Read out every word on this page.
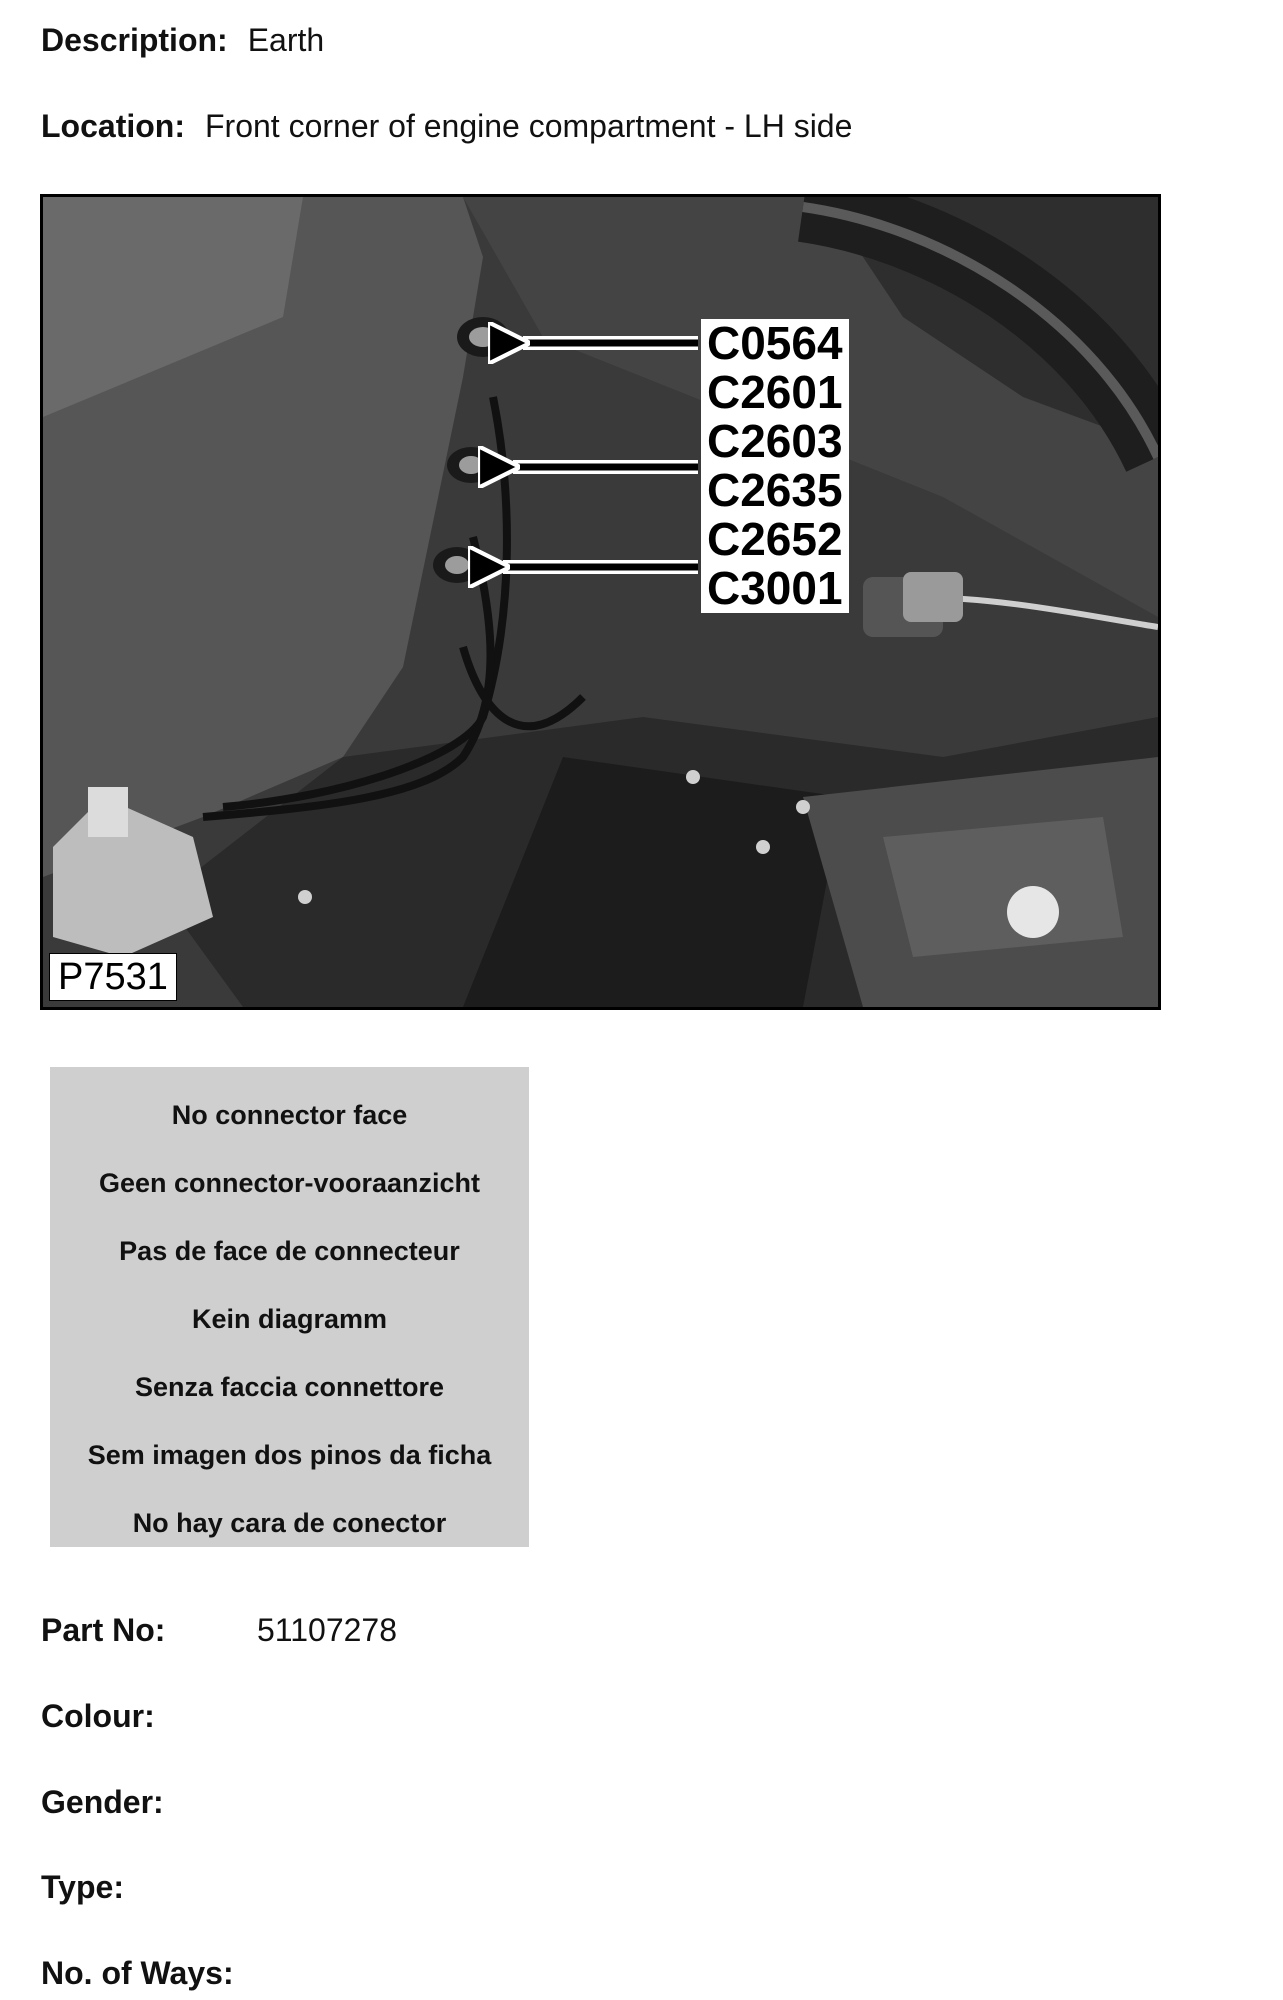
Description: Earth
Location: Front corner of engine compartment - LH side
C0564
C2601
C2603
C2635
C2652
C3001
P7531
No connector face
Geen connector-vooraanzicht
Pas de face de connecteur
Kein diagramm
Senza faccia connettore
Sem imagen dos pinos da ficha
No hay cara de conector
Part No:	51107278
Colour:
Gender:
Type:
No. of Ways:
